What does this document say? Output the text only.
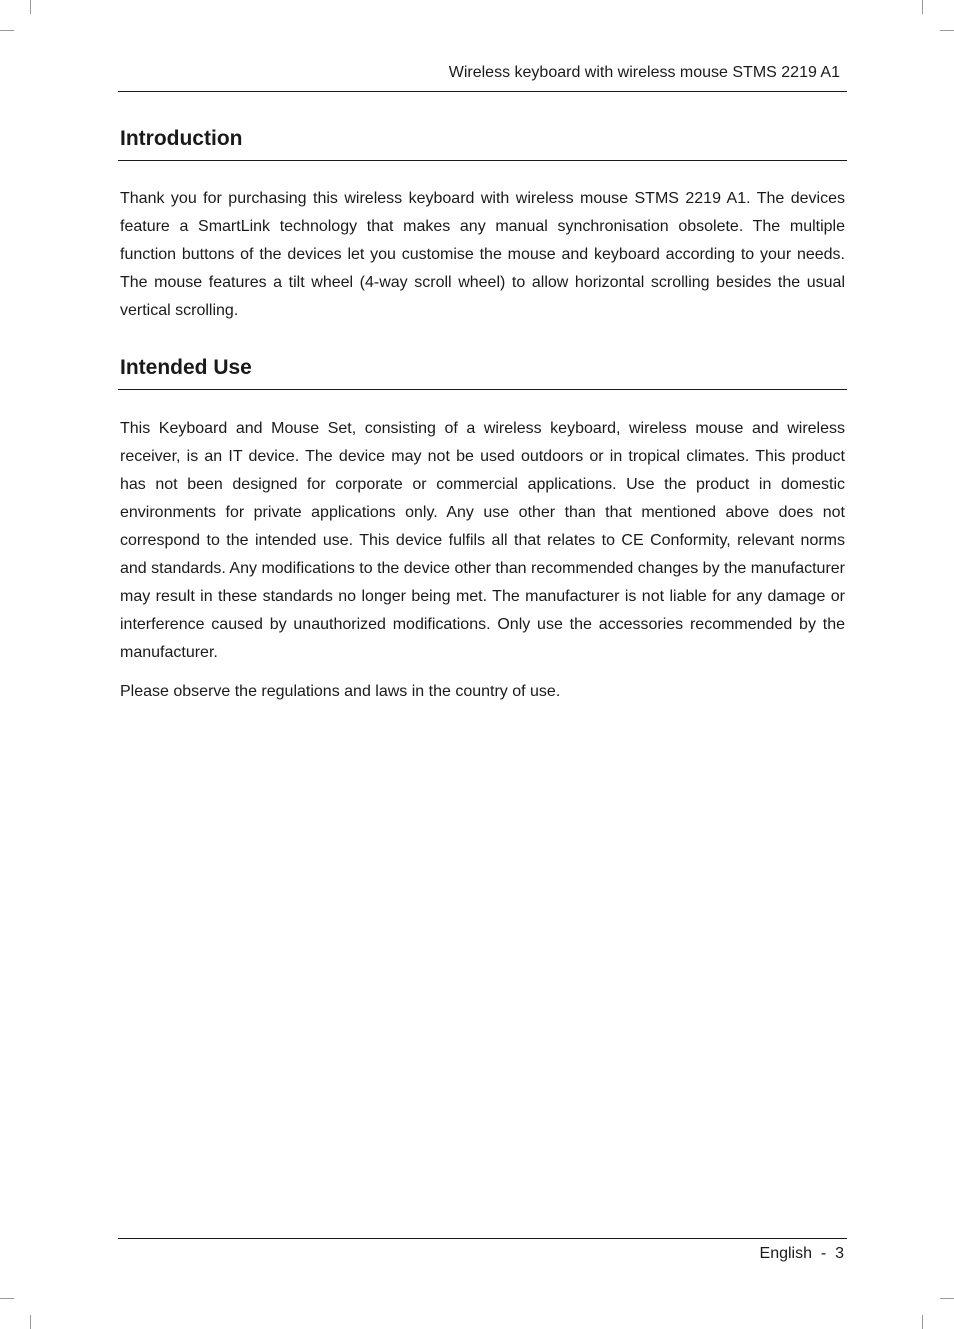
Wireless keyboard with wireless mouse STMS 2219 A1
Introduction

Thank you for purchasing this wireless keyboard with wireless mouse STMS 2219 A1. The devices feature a SmartLink technology that makes any manual synchronisation obsolete. The multiple function buttons of the devices let you customise the mouse and keyboard according to your needs. The mouse features a tilt wheel (4-way scroll wheel) to allow horizontal scrolling besides the usual vertical scrolling.

Intended Use

This Keyboard and Mouse Set, consisting of a wireless keyboard, wireless mouse and wireless receiver, is an IT device. The device may not be used outdoors or in tropical climates. This product has not been designed for corporate or commercial applications. Use the product in domestic environments for private applications only. Any use other than that mentioned above does not correspond to the intended use. This device fulfils all that relates to CE Conformity, relevant norms and standards. Any modifications to the device other than recommended changes by the manufacturer may result in these standards no longer being met. The manufacturer is not liable for any damage or interference caused by unauthorized modifications. Only use the accessories recommended by the manufacturer.

Please observe the regulations and laws in the country of use.

English  -  3
